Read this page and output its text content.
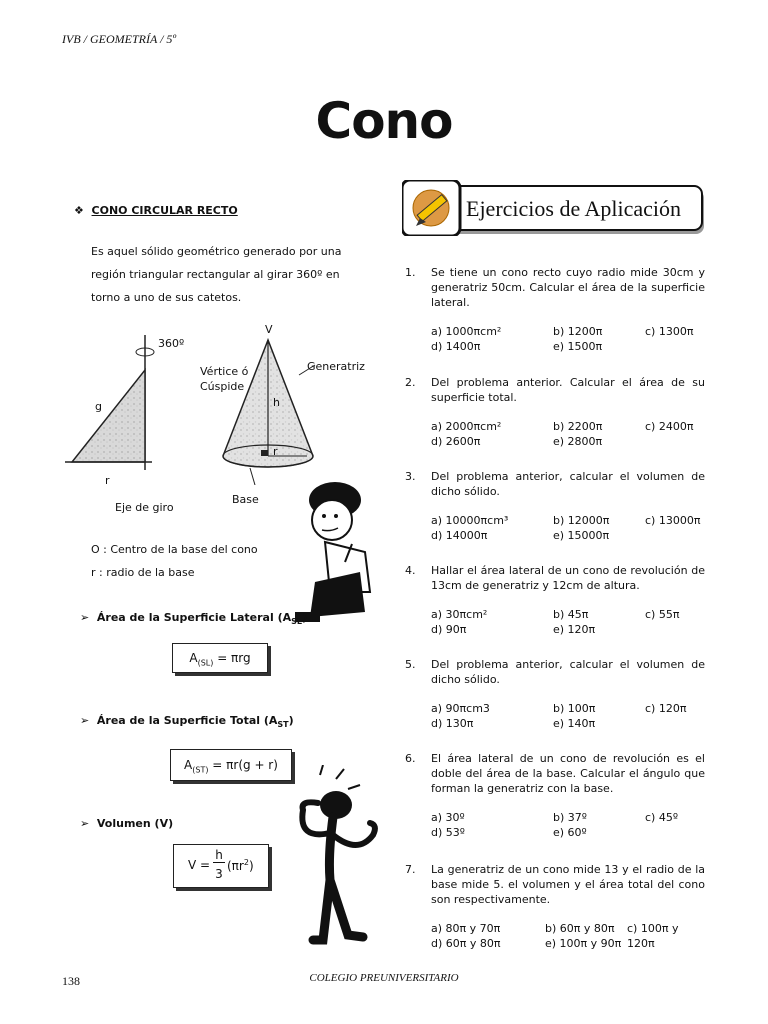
IVB / GEOMETRÍA / 5º
Cono
❖ CONO CIRCULAR RECTO
Es aquel sólido geométrico generado por una región triangular rectangular al girar 360º en torno a uno de sus catetos.
360º
g
r
Eje de giro
V
Vértice ó Cúspide
Generatriz
h
r
Base
O : Centro de la base del cono
r : radio de la base
➢ Área de la Superficie Lateral $(A_{SL})$
$A_{(SL)} = \pi rg$
➢ Área de la Superficie Total $(A_{ST})$
$A_{(ST)} = \pi r(g + r)$
➢ Volumen (V)
V =
h
3
$(\pi r^2)$
Ejercicios de Aplicación
1. Se tiene un cono recto cuyo radio mide 30cm y generatriz 50cm. Calcular el área de la superficie lateral.
a) 1000πcm²	b) 1200π	c) 1300π
d) 1400π	e) 1500π
2. Del problema anterior. Calcular el área de su superficie total.
a) 2000πcm²	b) 2200π	c) 2400π
d) 2600π	e) 2800π
3. Del problema anterior, calcular el volumen de dicho sólido.
a) 10000πcm³	b) 12000π	c) 13000π
d) 14000π	e) 15000π
4. Hallar el área lateral de un cono de revolución de 13cm de generatriz y 12cm de altura.
a) 30πcm²	b) 45π	c) 55π
d) 90π	e) 120π
5. Del problema anterior, calcular el volumen de dicho sólido.
a) 90πcm3	b) 100π	c) 120π
d) 130π	e) 140π
6. El área lateral de un cono de revolución es el doble del área de la base. Calcular el ángulo que forman la generatriz con la base.
a) 30º	b) 37º	c) 45º
d) 53º	e) 60º
7. La generatriz de un cono mide 13 y el radio de la base mide 5. el volumen y el área total del cono son respectivamente.
a) 80π y 70π	b) 60π y 80π c) 100π y 120π
d) 60π y 80π	e) 100π y 90π
138	COLEGIO PREUNIVERSITARIO
